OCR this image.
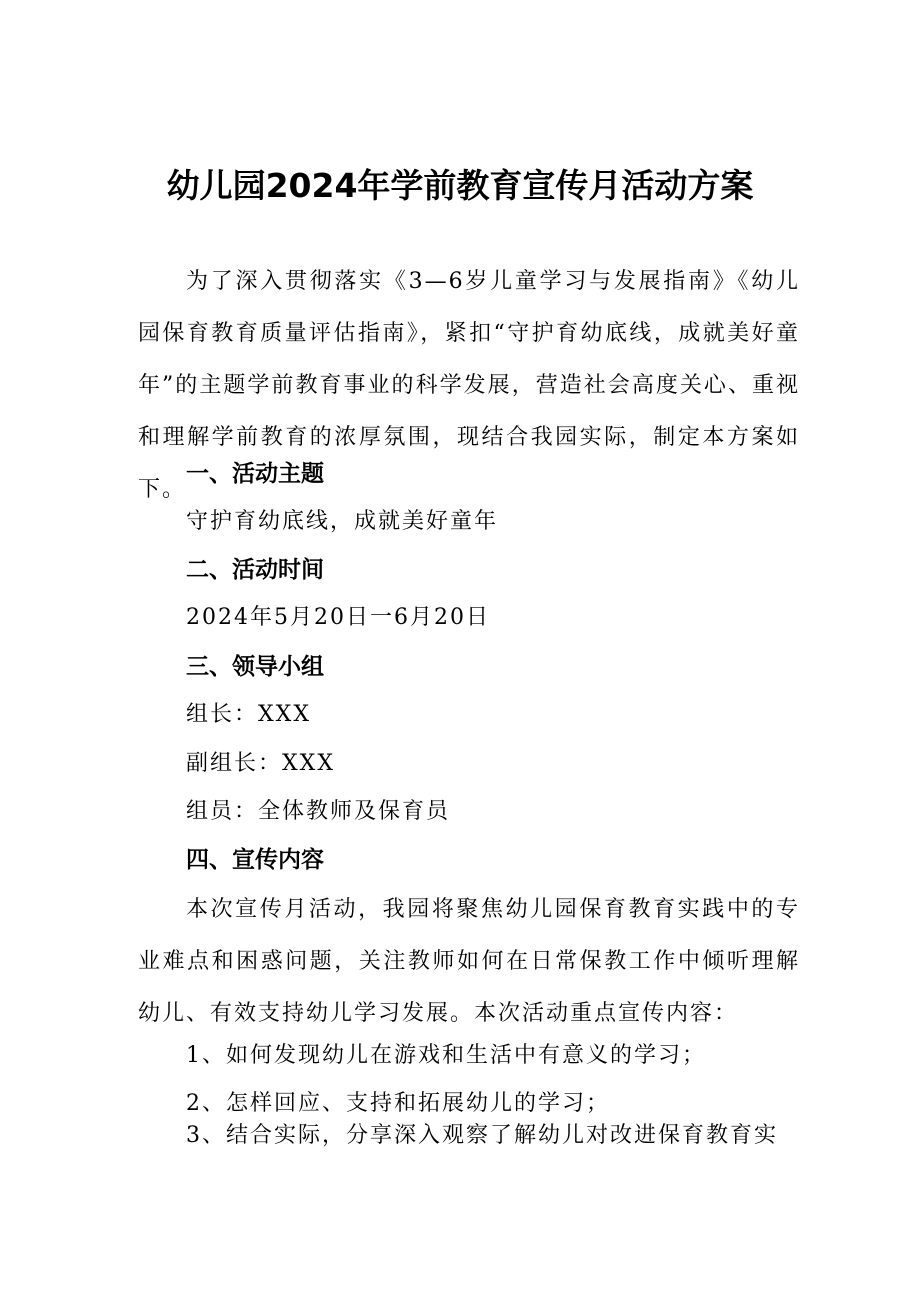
幼儿园2024年学前教育宣传月活动方案
为了深入贯彻落实《3—6岁儿童学习与发展指南》《幼儿园保育教育质量评估指南》，紧扣“守护育幼底线，成就美好童年”的主题学前教育事业的科学发展，营造社会高度关心、重视和理解学前教育的浓厚氛围，现结合我园实际，制定本方案如下。
一、活动主题
守护育幼底线，成就美好童年
二、活动时间
2024年5月20日一6月20日
三、领导小组
组长：XXX
副组长：XXX
组员：全体教师及保育员
四、宣传内容
本次宣传月活动，我园将聚焦幼儿园保育教育实践中的专业难点和困惑问题，关注教师如何在日常保教工作中倾听理解幼儿、有效支持幼儿学习发展。本次活动重点宣传内容：
1、如何发现幼儿在游戏和生活中有意义的学习；
2、怎样回应、支持和拓展幼儿的学习；
3、结合实际，分享深入观察了解幼儿对改进保育教育实
